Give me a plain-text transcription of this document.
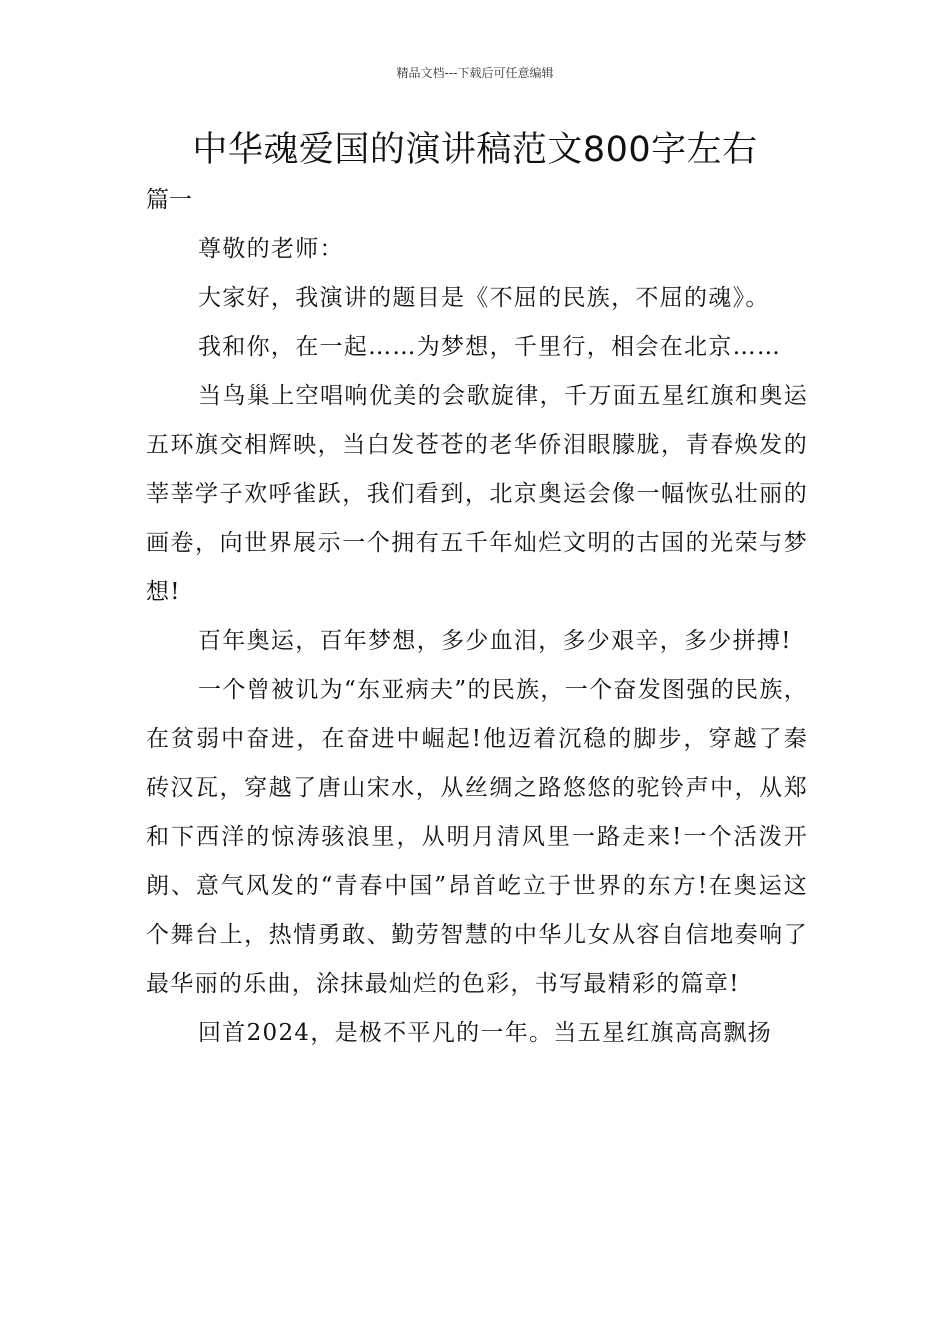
精品文档---下载后可任意编辑
中华魂爱国的演讲稿范文800字左右

篇一

尊敬的老师：

大家好，我演讲的题目是《不屈的民族，不屈的魂》。

我和你，在一起……为梦想，千里行，相会在北京……

当鸟巢上空唱响优美的会歌旋律，千万面五星红旗和奥运五环旗交相辉映，当白发苍苍的老华侨泪眼朦胧，青春焕发的莘莘学子欢呼雀跃，我们看到，北京奥运会像一幅恢弘壮丽的画卷，向世界展示一个拥有五千年灿烂文明的古国的光荣与梦想!

百年奥运，百年梦想，多少血泪，多少艰辛，多少拼搏!

一个曾被讥为“东亚病夫”的民族，一个奋发图强的民族，在贫弱中奋进，在奋进中崛起!他迈着沉稳的脚步，穿越了秦砖汉瓦，穿越了唐山宋水，从丝绸之路悠悠的驼铃声中，从郑和下西洋的惊涛骇浪里，从明月清风里一路走来!一个活泼开朗、意气风发的“青春中国”昂首屹立于世界的东方!在奥运这个舞台上，热情勇敢、勤劳智慧的中华儿女从容自信地奏响了最华丽的乐曲，涂抹最灿烂的色彩，书写最精彩的篇章!

回首2024，是极不平凡的一年。当五星红旗高高飘扬
